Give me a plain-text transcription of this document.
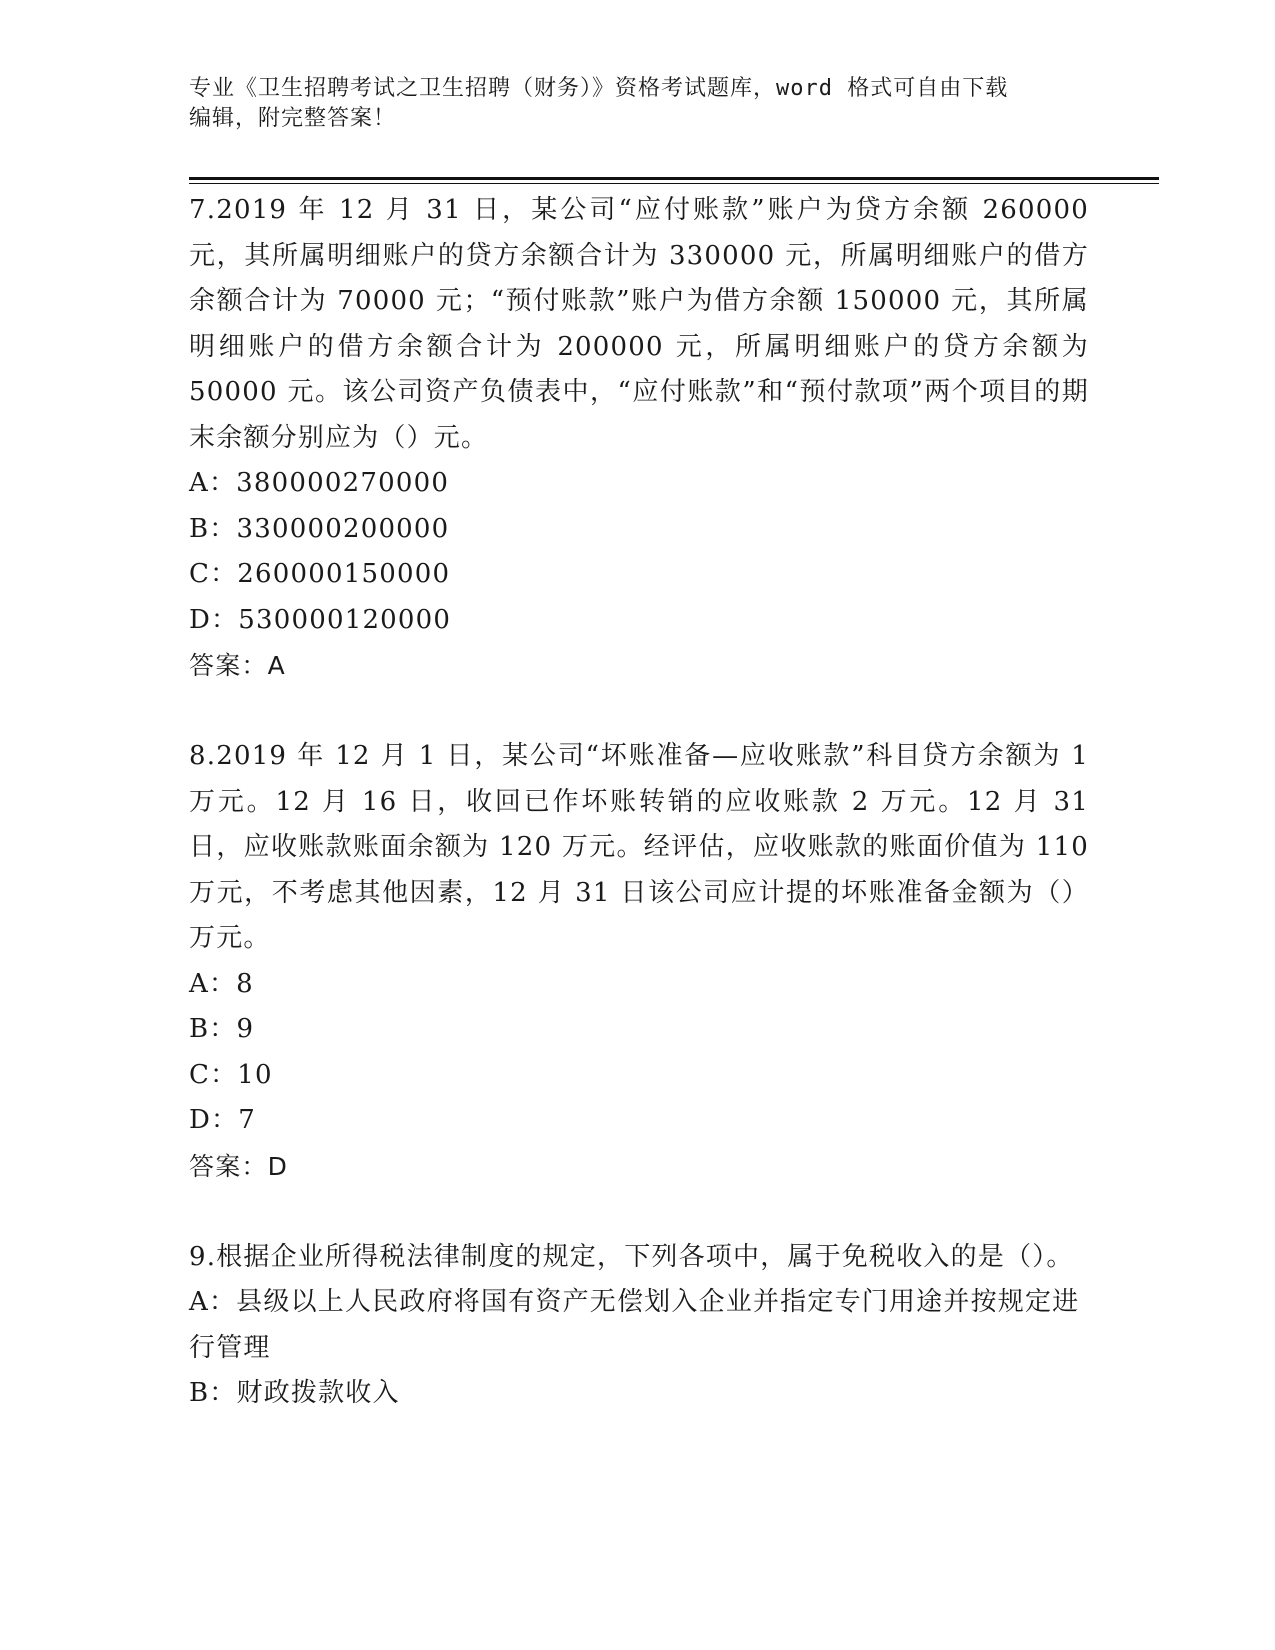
专业《卫生招聘考试之卫生招聘（财务）》资格考试题库，word 格式可自由下载
编辑，附完整答案！

7.2019 年 12 月 31 日，某公司“应付账款”账户为贷方余额 260000 元，其所属明细账户的贷方余额合计为 330000 元，所属明细账户的借方余额合计为 70000 元；“预付账款”账户为借方余额 150000 元，其所属明细账户的借方余额合计为 200000 元，所属明细账户的贷方余额为 50000 元。该公司资产负债表中，“应付账款”和“预付款项”两个项目的期末余额分别应为（）元。

A：380000270000

B：330000200000

C：260000150000

D：530000120000

答案：A

8.2019 年 12 月 1 日，某公司“坏账准备—应收账款”科目贷方余额为 1 万元。12 月 16 日，收回已作坏账转销的应收账款 2 万元。12 月 31 日，应收账款账面余额为 120 万元。经评估，应收账款的账面价值为 110 万元，不考虑其他因素，12 月 31 日该公司应计提的坏账准备金额为（）万元。

A：8

B：9

C：10

D：7

答案：D

9.根据企业所得税法律制度的规定，下列各项中，属于免税收入的是（）。

A：县级以上人民政府将国有资产无偿划入企业并指定专门用途并按规定进行管理

B：财政拨款收入
